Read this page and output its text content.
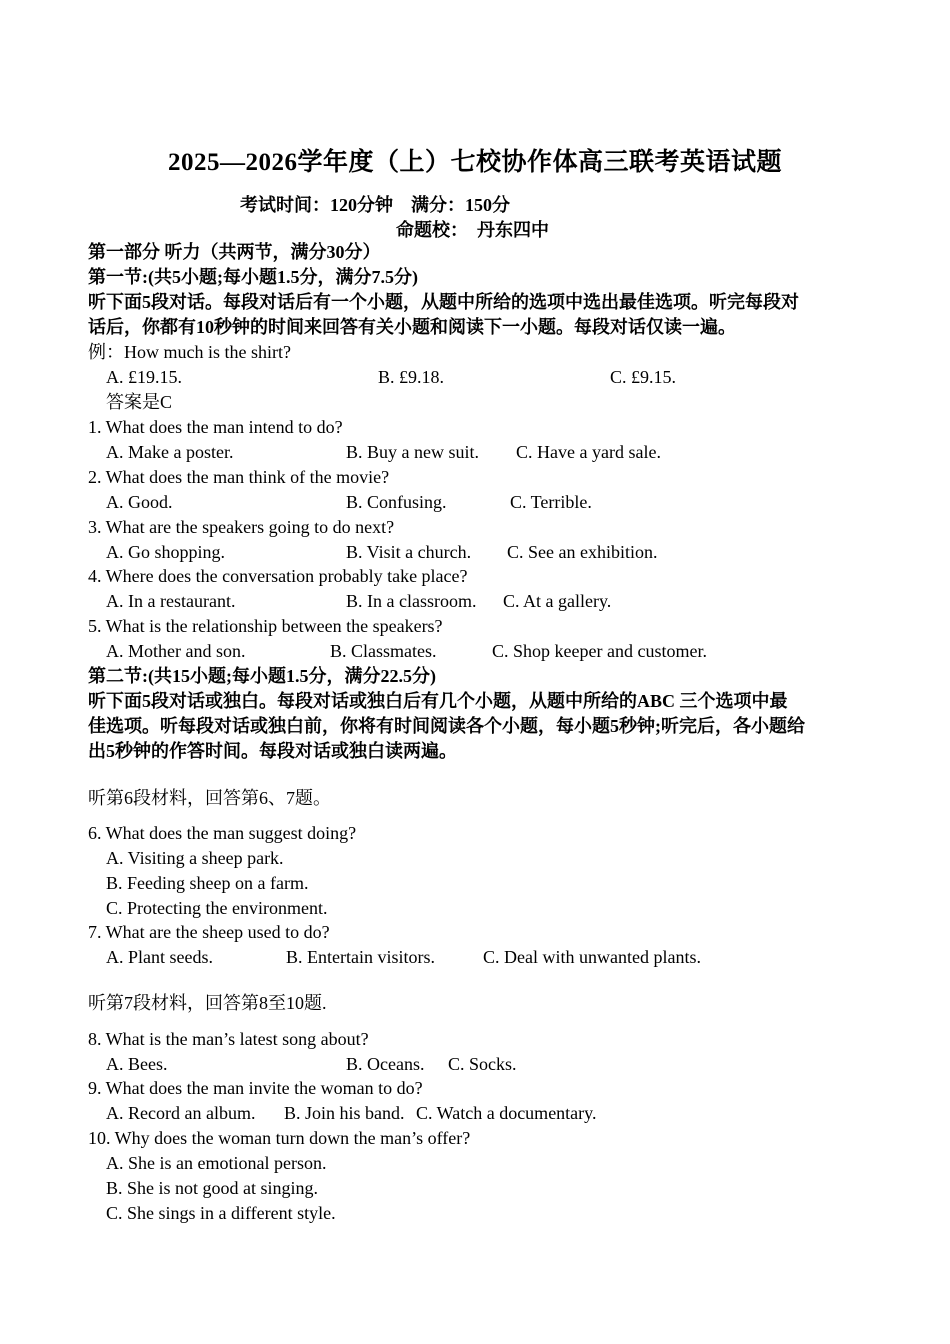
2025—2026学年度（上）七校协作体高三联考英语试题
考试时间：120分钟　满分：150分
命题校：　丹东四中
第一部分 听力（共两节，满分30分）
第一节:(共5小题;每小题1.5分，满分7.5分)
听下面5段对话。每段对话后有一个小题，从题中所给的选项中选出最佳选项。听完每段对
话后，你都有10秒钟的时间来回答有关小题和阅读下一小题。每段对话仅读一遍。
例：How much is the shirt?
A. £19.15.	B. £9.18.	C. £9.15.
答案是C
1. What does the man intend to do?
A. Make a poster.	B. Buy a new suit. C. Have a yard sale.
2. What does the man think of the movie?
A. Good.	B. Confusing.	C. Terrible.
3. What are the speakers going to do next?
A. Go shopping.	B. Visit a church. C. See an exhibition.
4. Where does the conversation probably take place?
A. In a restaurant.	B. In a classroom. C. At a gallery.
5. What is the relationship between the speakers?
A. Mother and son.	B. Classmates.	C. Shop keeper and customer.
第二节:(共15小题;每小题1.5分，满分22.5分)
听下面5段对话或独白。每段对话或独白后有几个小题，从题中所给的ABC 三个选项中最
佳选项。听每段对话或独白前，你将有时间阅读各个小题，每小题5秒钟;听完后，各小题给
出5秒钟的作答时间。每段对话或独白读两遍。
听第6段材料，回答第6、7题。
6. What does the man suggest doing?
A. Visiting a sheep park.
B. Feeding sheep on a farm.
C. Protecting the environment.
7. What are the sheep used to do?
A. Plant seeds.	B. Entertain visitors.	C. Deal with unwanted plants.
听第7段材料，回答第8至10题.
8. What is the man’s latest song about?
A. Bees.	B. Oceans. C. Socks.
9. What does the man invite the woman to do?
A. Record an album. B. Join his band. C. Watch a documentary.
10. Why does the woman turn down the man’s offer?
A. She is an emotional person.
B. She is not good at singing.
C. She sings in a different style.
